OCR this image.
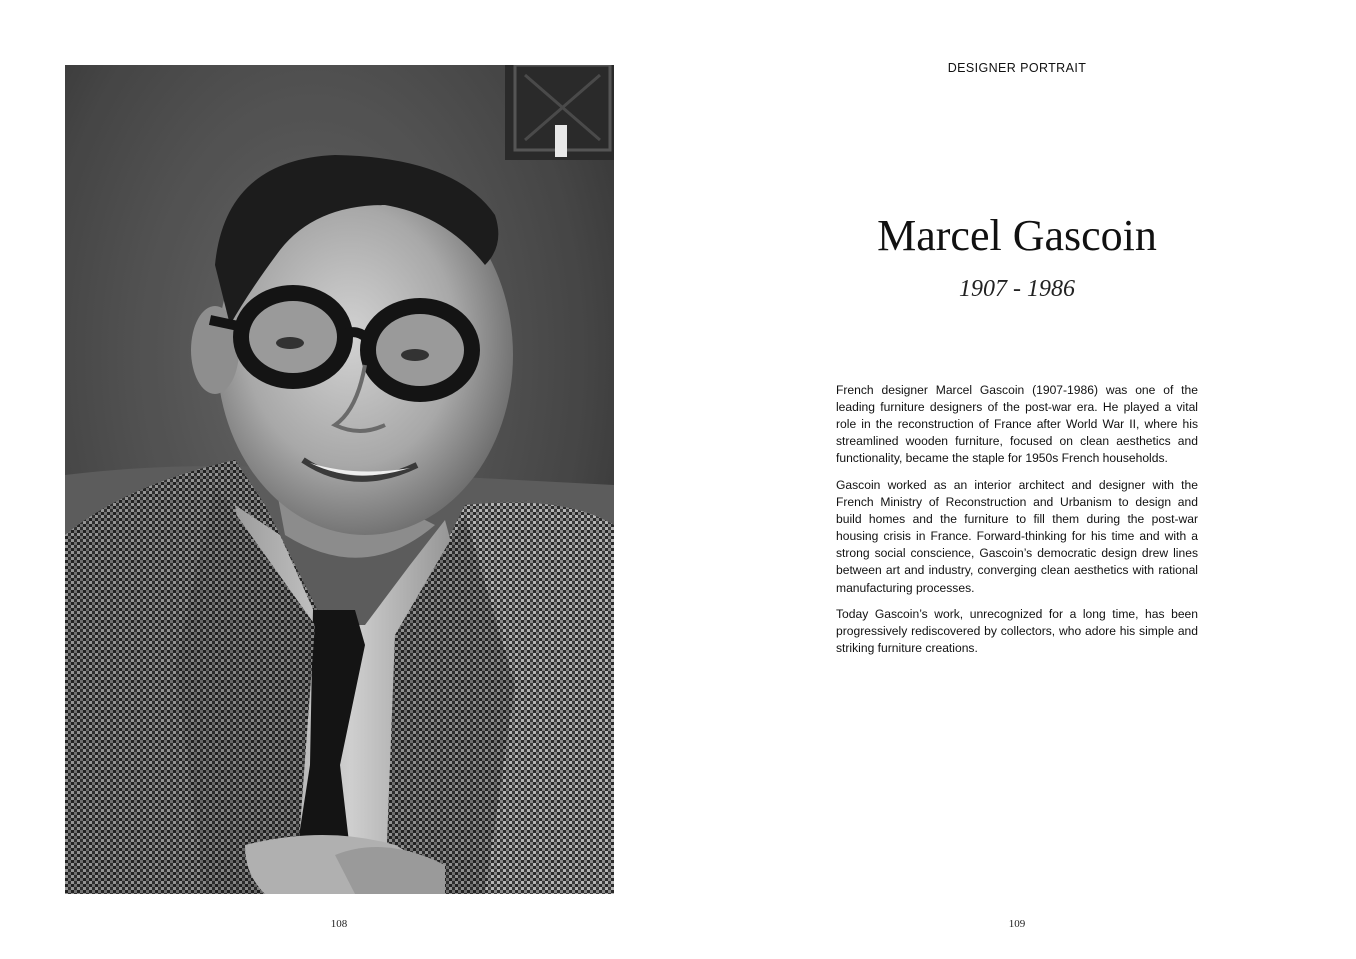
108
DESIGNER PORTRAIT
Marcel Gascoin
1907 - 1986

French designer Marcel Gascoin (1907-1986) was one of the leading furniture designers of the post-war era. He played a vital role in the reconstruction of France after World War II, where his streamlined wooden furniture, focused on clean aesthetics and functionality, became the staple for 1950s French households.

Gascoin worked as an interior architect and designer with the French Ministry of Reconstruction and Urbanism to design and build homes and the furniture to fill them during the post-war housing crisis in France. Forward-thinking for his time and with a strong social conscience, Gascoin’s democratic design drew lines between art and industry, converging clean aesthetics with rational manufacturing processes.

Today Gascoin’s work, unrecognized for a long time, has been progressively rediscovered by collectors, who adore his simple and striking furniture creations.

109
